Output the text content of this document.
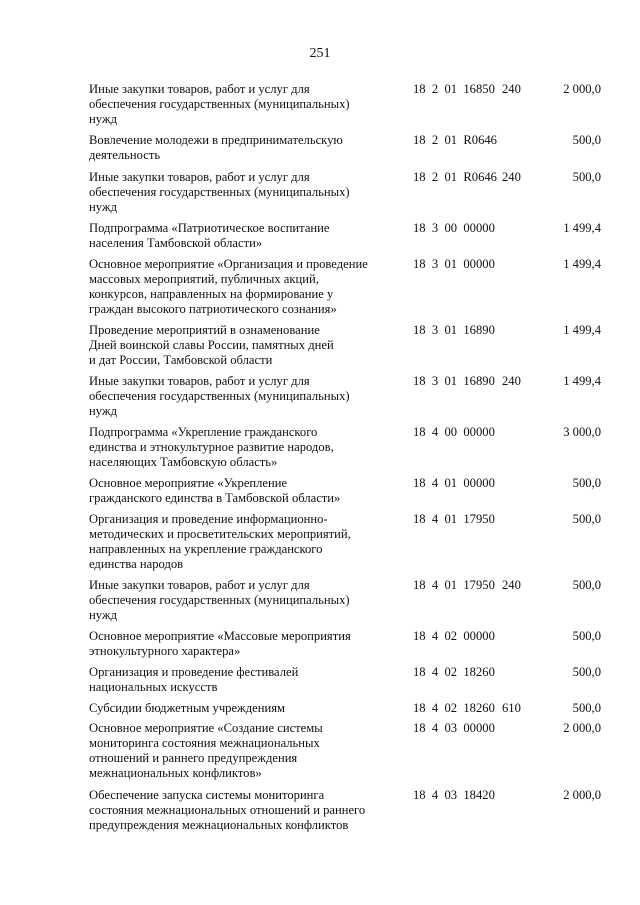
251
Иные закупки товаров, работ и услуг для
обеспечения государственных (муниципальных)
нужд
18  2  01  16850 240	2 000,0
Вовлечение молодежи в предпринимательскую
деятельность
18  2  01  R0646	500,0
Иные закупки товаров, работ и услуг для
обеспечения государственных (муниципальных)
нужд
18  2  01  R0646 240	500,0
Подпрограмма «Патриотическое воспитание
населения Тамбовской области»
18  3  00  00000	1 499,4
Основное мероприятие «Организация и проведение
массовых мероприятий, публичных акций,
конкурсов, направленных на формирование у
граждан высокого патриотического сознания»
18  3  01  00000	1 499,4
Проведение мероприятий в ознаменование
Дней воинской славы России, памятных дней
и дат России, Тамбовской области
18  3  01  16890	1 499,4
Иные закупки товаров, работ и услуг для
обеспечения государственных (муниципальных)
нужд
18  3  01  16890 240	1 499,4
Подпрограмма «Укрепление гражданского
единства и этнокультурное развитие народов,
населяющих Тамбовскую область»
18  4  00  00000	3 000,0
Основное мероприятие «Укрепление
гражданского единства в Тамбовской области»
18  4  01  00000	500,0
Организация и проведение информационно-
методических и просветительских мероприятий,
направленных на укрепление гражданского
единства народов
18  4  01  17950	500,0
Иные закупки товаров, работ и услуг для
обеспечения государственных (муниципальных)
нужд
18  4  01  17950 240	500,0
Основное мероприятие «Массовые мероприятия
этнокультурного характера»
18  4  02  00000	500,0
Организация и проведение фестивалей
национальных искусств
18  4  02  18260	500,0
Субсидии бюджетным учреждениям	18  4  02  18260 610	500,0
Основное мероприятие «Создание системы
мониторинга состояния межнациональных
отношений и раннего предупреждения
межнациональных конфликтов»
18  4  03  00000	2 000,0
Обеспечение запуска системы мониторинга
состояния межнациональных отношений и раннего
предупреждения межнациональных конфликтов
18  4  03  18420	2 000,0
